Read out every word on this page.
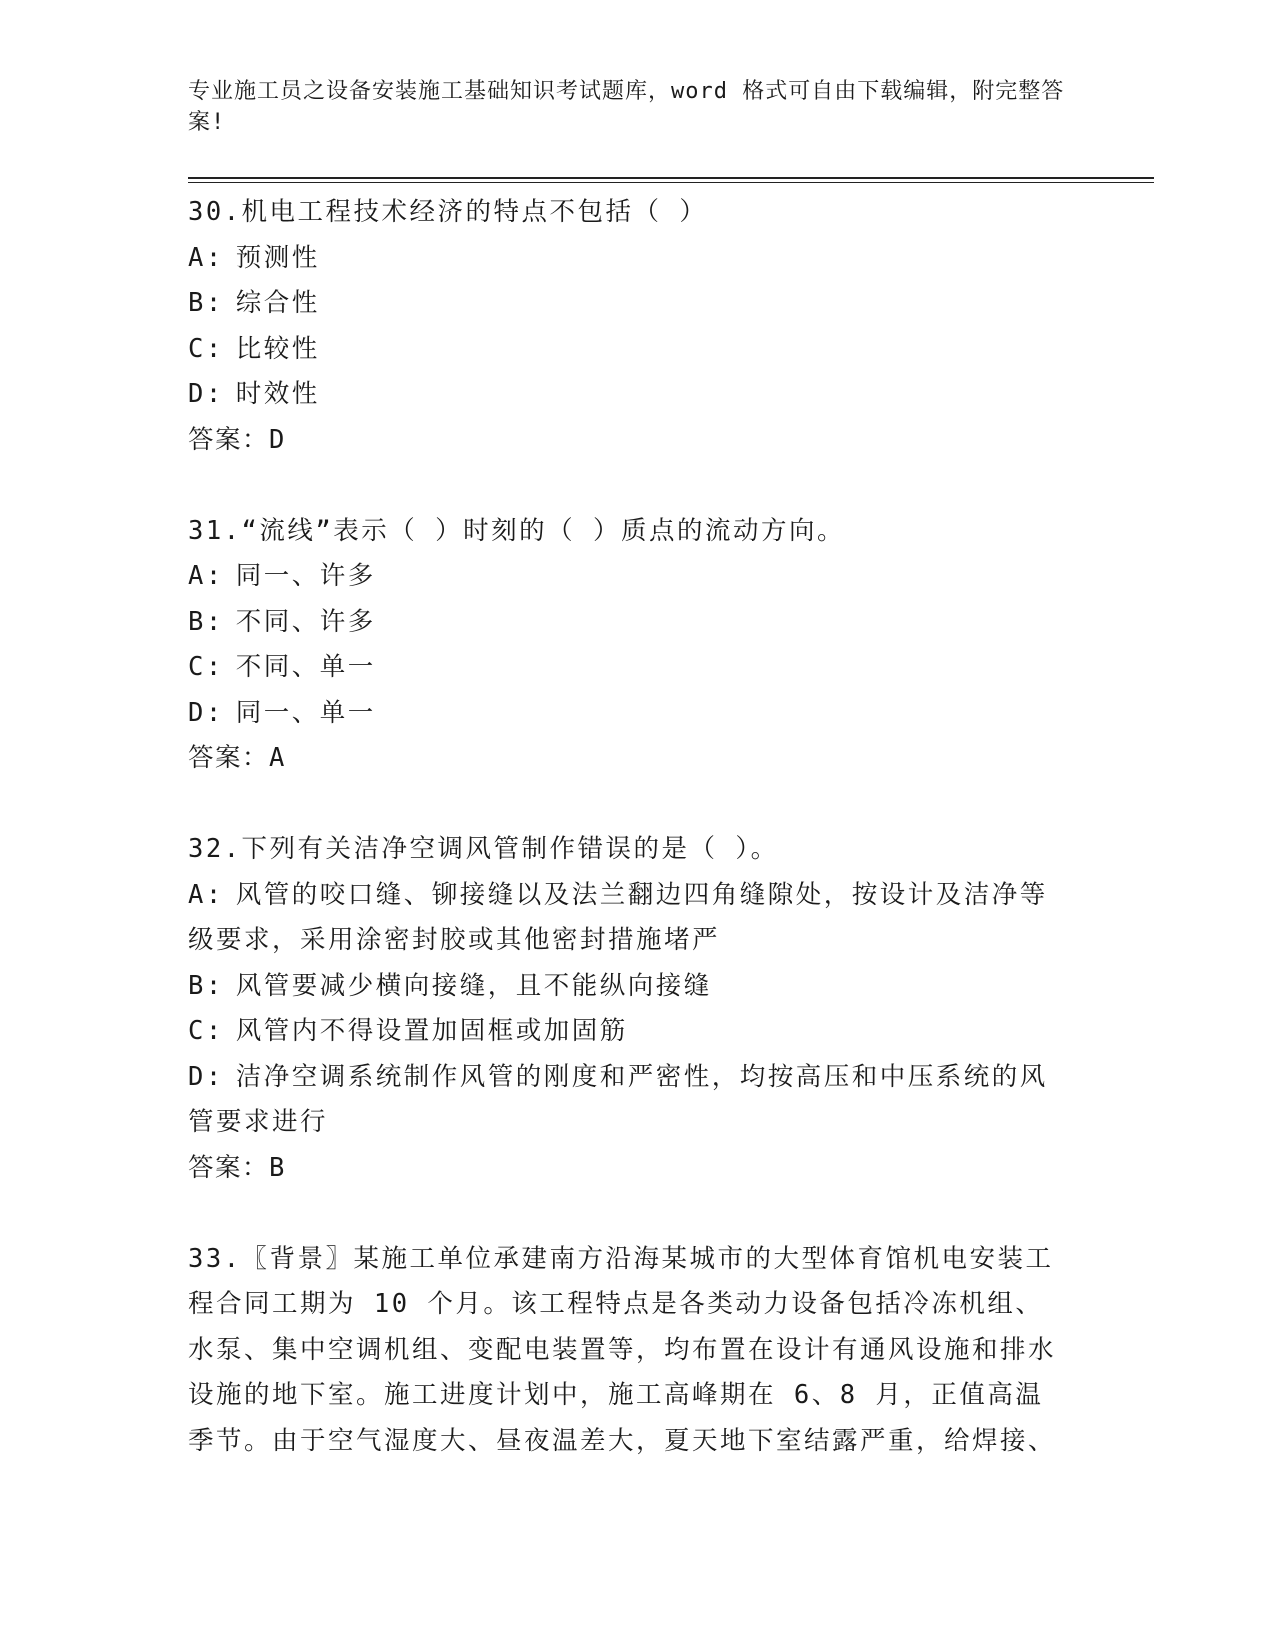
专业施工员之设备安装施工基础知识考试题库，word 格式可自由下载编辑，附完整答案!
30.机电工程技术经济的特点不包括（ ）
A: 预测性
B: 综合性
C: 比较性
D: 时效性
答案：D
31.“流线”表示（ ）时刻的（ ）质点的流动方向。
A: 同一、许多
B: 不同、许多
C: 不同、单一
D: 同一、单一
答案：A
32.下列有关洁净空调风管制作错误的是（ ）。
A: 风管的咬口缝、铆接缝以及法兰翻边四角缝隙处，按设计及洁净等级要求，采用涂密封胶或其他密封措施堵严
B: 风管要减少横向接缝，且不能纵向接缝
C: 风管内不得设置加固框或加固筋
D: 洁净空调系统制作风管的刚度和严密性，均按高压和中压系统的风管要求进行
答案：B
33.〖背景〗某施工单位承建南方沿海某城市的大型体育馆机电安装工程合同工期为 10 个月。该工程特点是各类动力设备包括冷冻机组、水泵、集中空调机组、变配电装置等，均布置在设计有通风设施和排水设施的地下室。施工进度计划中，施工高峰期在 6、8 月，正值高温季节。由于空气湿度大、昼夜温差大，夏天地下室结露严重，给焊接、
